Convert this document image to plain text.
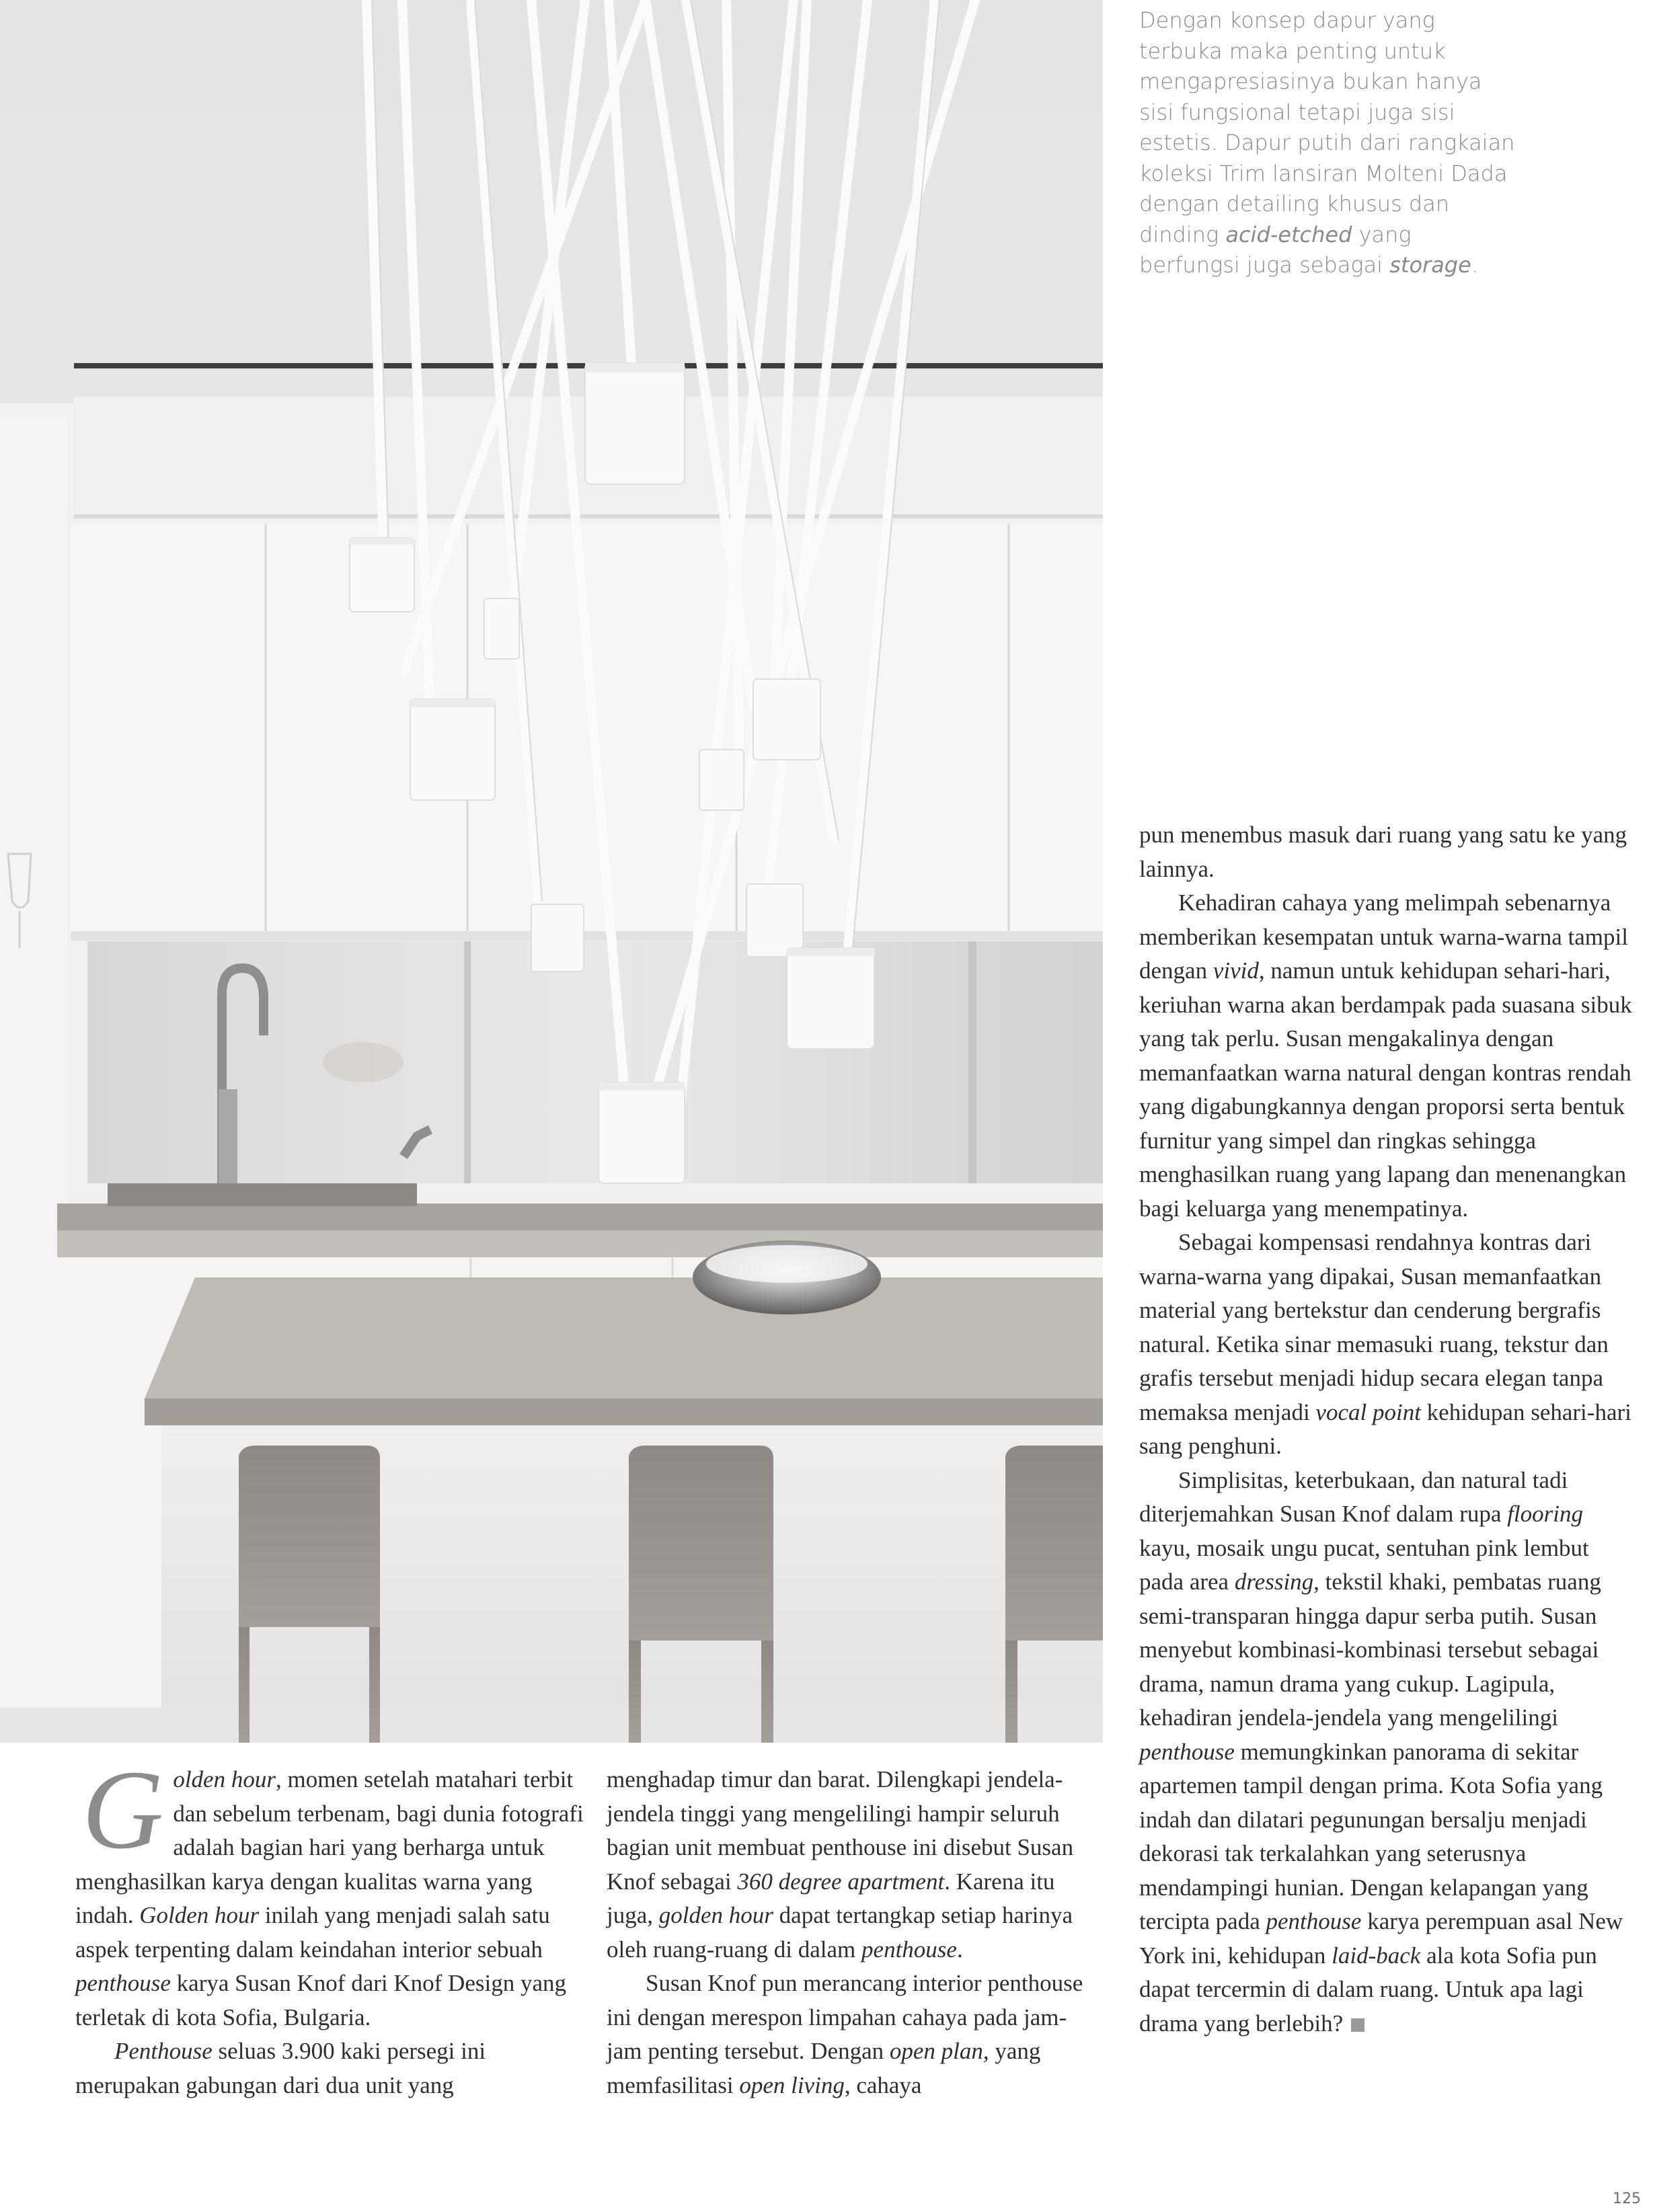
Dengan konsep dapur yang terbuka maka penting untuk mengapresiasinya bukan hanya sisi fungsional tetapi juga sisi estetis. Dapur putih dari rangkaian koleksi Trim lansiran Molteni Dada dengan detailing khusus dan dinding acid-etched yang berfungsi juga sebagai storage.

Golden hour, momen setelah matahari terbit dan sebelum terbenam, bagi dunia fotografi adalah bagian hari yang berharga untuk menghasilkan karya dengan kualitas warna yang indah. Golden hour inilah yang menjadi salah satu aspek terpenting dalam keindahan interior sebuah penthouse karya Susan Knof dari Knof Design yang terletak di kota Sofia, Bulgaria.

Penthouse seluas 3.900 kaki persegi ini merupakan gabungan dari dua unit yang

menghadap timur dan barat. Dilengkapi jendela-jendela tinggi yang mengelilingi hampir seluruh bagian unit membuat penthouse ini disebut Susan Knof sebagai 360 degree apartment. Karena itu juga, golden hour dapat tertangkap setiap harinya oleh ruang-ruang di dalam penthouse.

Susan Knof pun merancang interior penthouse ini dengan merespon limpahan cahaya pada jam-jam penting tersebut. Dengan open plan, yang memfasilitasi open living, cahaya

pun menembus masuk dari ruang yang satu ke yang lainnya.

Kehadiran cahaya yang melimpah sebenarnya memberikan kesempatan untuk warna-warna tampil dengan vivid, namun untuk kehidupan sehari-hari, keriuhan warna akan berdampak pada suasana sibuk yang tak perlu. Susan mengakalinya dengan memanfaatkan warna natural dengan kontras rendah yang digabungkannya dengan proporsi serta bentuk furnitur yang simpel dan ringkas sehingga menghasilkan ruang yang lapang dan menenangkan bagi keluarga yang menempatinya.

Sebagai kompensasi rendahnya kontras dari warna-warna yang dipakai, Susan memanfaatkan material yang bertekstur dan cenderung bergrafis natural. Ketika sinar memasuki ruang, tekstur dan grafis tersebut menjadi hidup secara elegan tanpa memaksa menjadi vocal point kehidupan sehari-hari sang penghuni.

Simplisitas, keterbukaan, dan natural tadi diterjemahkan Susan Knof dalam rupa flooring kayu, mosaik ungu pucat, sentuhan pink lembut pada area dressing, tekstil khaki, pembatas ruang semi-transparan hingga dapur serba putih. Susan menyebut kombinasi-kombinasi tersebut sebagai drama, namun drama yang cukup. Lagipula, kehadiran jendela-jendela yang mengelilingi penthouse memungkinkan panorama di sekitar apartemen tampil dengan prima. Kota Sofia yang indah dan dilatari pegunungan bersalju menjadi dekorasi tak terkalahkan yang seterusnya mendampingi hunian. Dengan kelapangan yang tercipta pada penthouse karya perempuan asal New York ini, kehidupan laid-back ala kota Sofia pun dapat tercermin di dalam ruang. Untuk apa lagi drama yang berlebih?

125
